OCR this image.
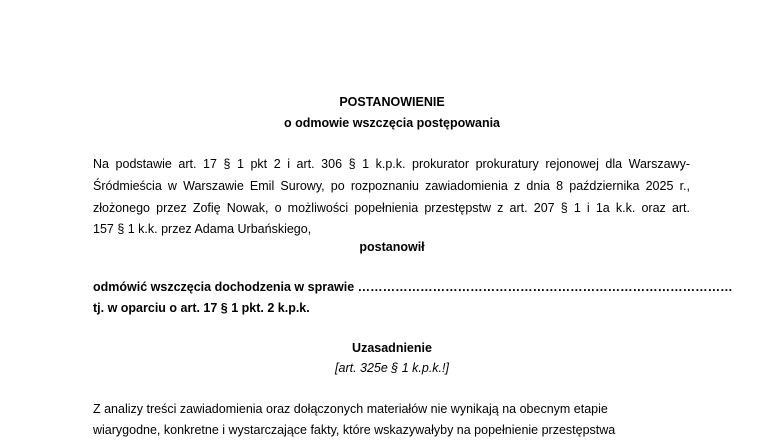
POSTANOWIENIE
o odmowie wszczęcia postępowania
Na podstawie art. 17 § 1 pkt 2 i art. 306 § 1 k.p.k. prokurator prokuratury rejonowej dla Warszawy-
Śródmieścia w Warszawie Emil Surowy, po rozpoznaniu zawiadomienia z dnia 8 października 2025 r.,
złożonego przez Zofię Nowak, o możliwości popełnienia przestępstw z art. 207 § 1 i 1a k.k. oraz art.
157 § 1 k.k. przez Adama Urbańskiego,
postanowił
odmówić wszczęcia dochodzenia w sprawie ………………………………………………………………………………
tj. w oparciu o art. 17 § 1 pkt. 2 k.p.k.
Uzasadnienie
[art. 325e § 1 k.p.k.!]
Z analizy treści zawiadomienia oraz dołączonych materiałów nie wynikają na obecnym etapie
wiarygodne, konkretne i wystarczające fakty, które wskazywałyby na popełnienie przestępstwa
